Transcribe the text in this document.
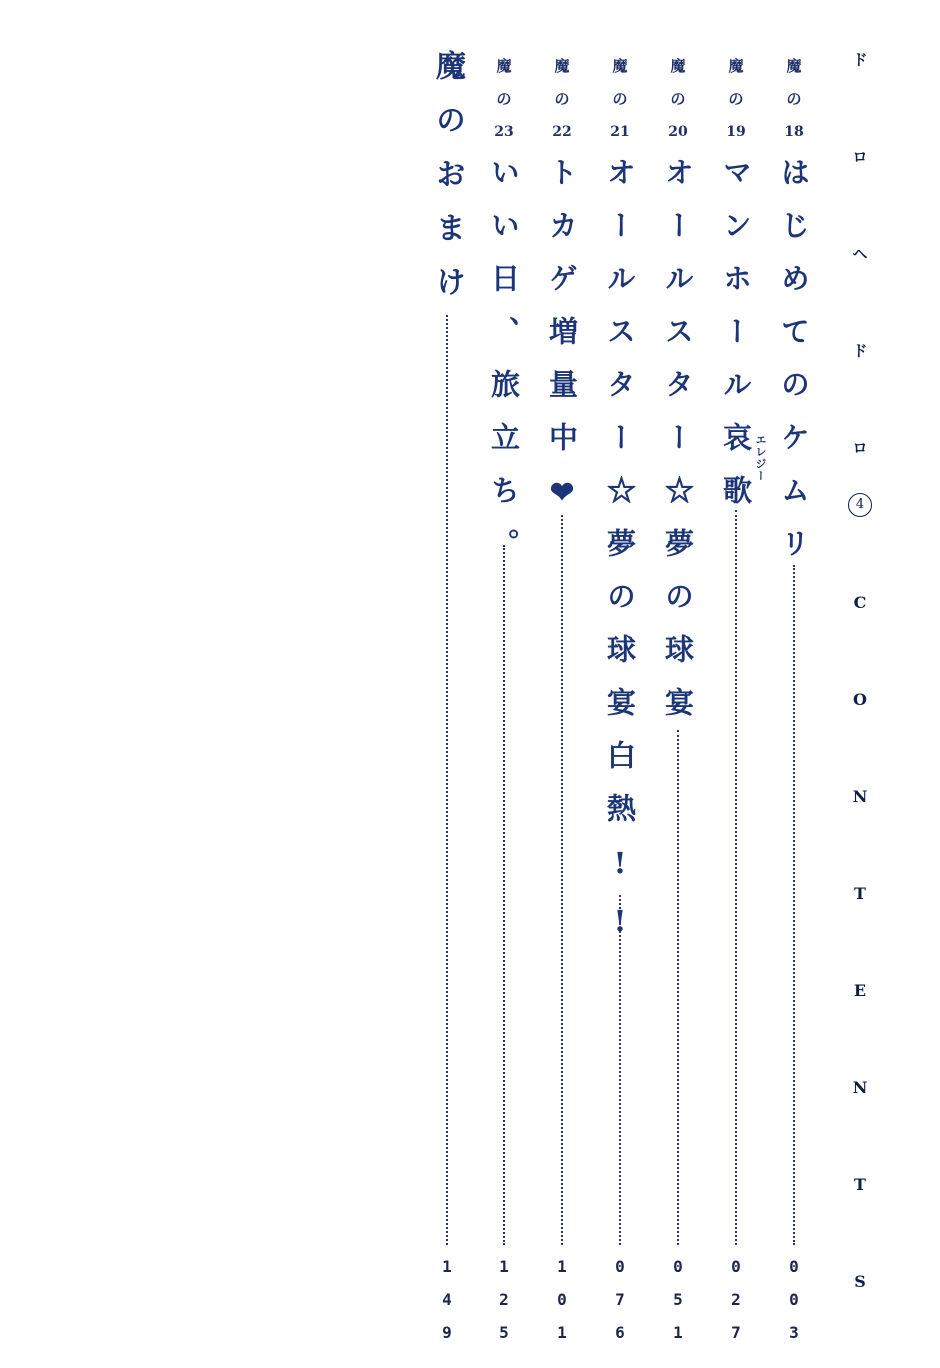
ド
ロ
ヘ
ド
ロ
4
C
O
N
T
E
N
T
S
魔
の
18
はじめてのケムリ
0
0
3
魔
の
19
マンホール哀歌
0
2
7
エレジー
魔
の
20
オールスター☆夢の球宴
0
5
1
魔
の
21
オールスター☆夢の球宴白熱!!
0
7
6
魔
の
22
トカゲ増量中❤
1
0
1
魔
の
23
いい日、旅立ち。
1
2
5
魔のおまけ
1
4
9
